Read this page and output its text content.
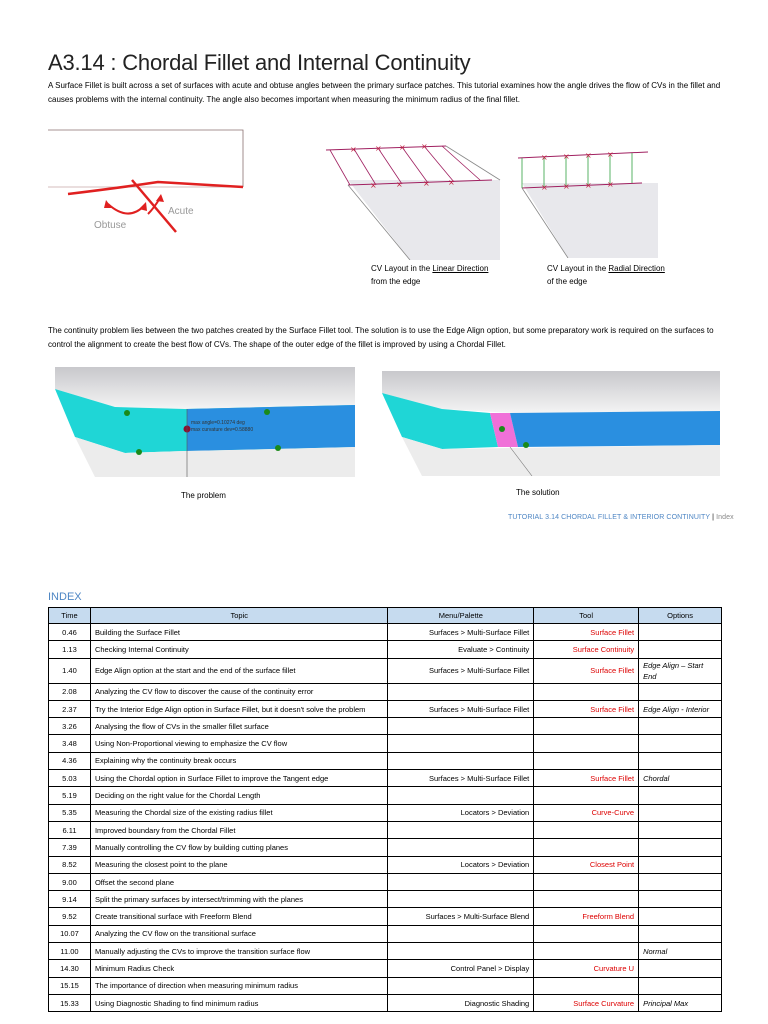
A3.14 : Chordal Fillet and Internal Continuity
A Surface Fillet is built across a set of surfaces with acute and obtuse angles between the primary surface patches. This tutorial examines how the angle drives the flow of CVs in the fillet and causes problems with the internal continuity. The angle also becomes important when measuring the minimum radius of the final fillet.
Obtuse
Acute
× × × ×
× ×	× ×
× × × ×
× × × ×
CV Layout in the Linear Direction
from the edge
CV Layout in the Radial Direction
of the edge
The continuity problem lies between the two patches created by the Surface Fillet tool. The solution is to use the Edge Align option, but some preparatory work is required on the surfaces to control the alignment to create the best flow of CVs. The shape of the outer edge of the fillet is improved by using a Chordal Fillet.
max angle=0.10274 deg
max curvature dev=0.58880
The problem	The solution
TUTORIAL 3.14 CHORDAL FILLET & INTERIOR CONTINUITY | Index
INDEX
Time	Topic	Menu/Palette	Tool	Options
0.46	Building the Surface Fillet	Surfaces > Multi-Surface Fillet	Surface Fillet	
1.13	Checking Internal Continuity	Evaluate > Continuity	Surface Continuity	
1.40	Edge Align option at the start and the end of the surface fillet	Surfaces > Multi-Surface Fillet	Surface Fillet	Edge Align – Start End
2.08	Analyzing the CV flow to discover the cause of the continuity error			
2.37	Try the Interior Edge Align option in Surface Fillet, but it doesn't solve the problem	Surfaces > Multi-Surface Fillet	Surface Fillet	Edge Align - Interior
3.26	Analysing the flow of CVs in the smaller fillet surface			
3.48	Using Non-Proportional viewing to emphasize the CV flow			
4.36	Explaining why the continuity break occurs			
5.03	Using the Chordal option in Surface Fillet to improve the Tangent edge	Surfaces > Multi-Surface Fillet	Surface Fillet	Chordal
5.19	Deciding on the right value for the Chordal Length			
5.35	Measuring the Chordal size of the existing radius fillet	Locators > Deviation	Curve-Curve	
6.11	Improved boundary from the Chordal Fillet			
7.39	Manually controlling the CV flow by building cutting planes			
8.52	Measuring the closest point to the plane	Locators > Deviation	Closest Point	
9.00	Offset the second plane			
9.14	Split the primary surfaces by intersect/trimming with the planes			
9.52	Create transitional surface with Freeform Blend	Surfaces > Multi-Surface Blend	Freeform Blend	
10.07	Analyzing the CV flow on the transitional surface			
11.00	Manually adjusting the CVs to improve the transition surface flow			Normal
14.30	Minimum Radius Check	Control Panel > Display	Curvature U	
15.15	The importance of direction when measuring minimum radius			
15.33	Using Diagnostic Shading to find minimum radius	Diagnostic Shading	Surface Curvature	Principal Max
